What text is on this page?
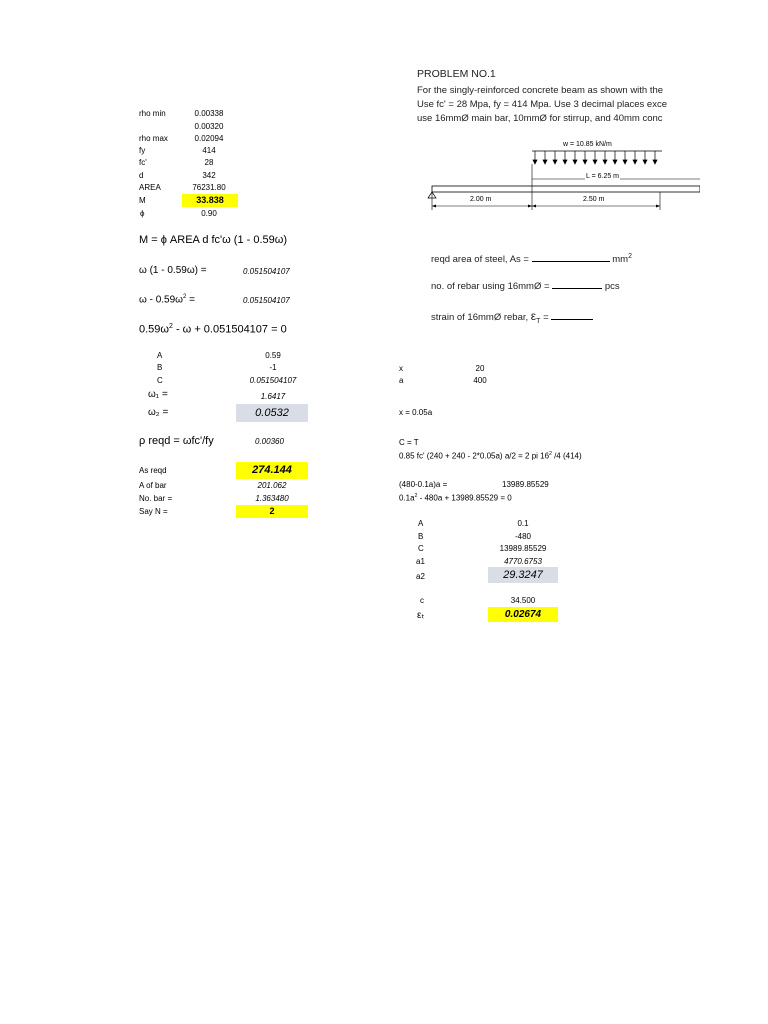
rho min	0.00338
0.00320
rho max	0.02094
fy	414
fc'	28
d	342
AREA	76231.80
M	33.838
ϕ	0.90
M = ϕ AREA d fc'ω (1 - 0.59ω)
ω (1 - 0.59ω) =	0.051504107
ω - $0.59\omega^2$ =	0.051504107
$0.59\omega^2 - \omega + 0.051504107 = 0$
A	0.59
B	-1
C	0.051504107
ω₁ =	1.6417
ω₂ =	0.0532
ρ reqd = ωfc'/fy	0.00360
As reqd	274.144
A of bar	201.062
No. bar =	1.363480
Say N =	2
PROBLEM NO.1
For the singly-reinforced concrete beam as shown with the
Use fc' = 28 Mpa, fy = 414 Mpa. Use 3 decimal places exce
use 16mmØ main bar, 10mmØ for stirrup, and 40mm conc
w = 10.85 kN/m
L = 6.25 m
2.00 m	2.50 m
reqd area of steel, As =	$mm^2$
no. of rebar using 16mmØ =	pcs
strain of 16mmØ rebar, $\varepsilon_T$ =
x	20
a	400
x = 0.05a
C = T
0.85 fc' (240 + 240 - 2*0.05a) a/2 = 2 pi $16^2$ /4 (414)
(480-0.1a)a =	13989.85529
$0.1a^2 - 480a + 13989.85529 = 0$
A	0.1
B	-480
C	13989.85529
a1	4770.6753
a2	29.3247
c	34.500
εₜ	0.02674
